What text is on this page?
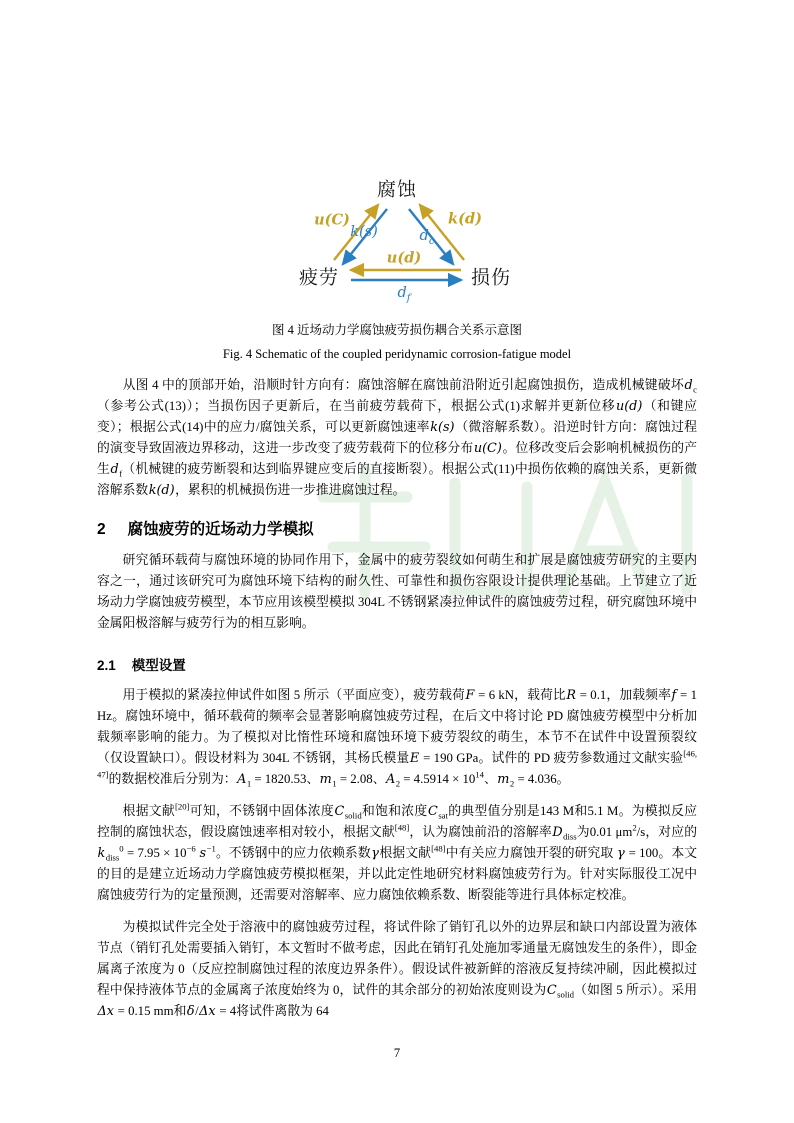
腐蚀
疲劳	损伤
u(C)
k(s)
k(d)
$d_c$
u(d)
$d_f$
图 4 近场动力学腐蚀疲劳损伤耦合关系示意图
Fig. 4 Schematic of the coupled peridynamic corrosion-fatigue model

从图 4 中的顶部开始，沿顺时针方向有：腐蚀溶解在腐蚀前沿附近引起腐蚀损伤，造成机械键破坏$d_c$（参考公式(13)）；当损伤因子更新后，在当前疲劳载荷下，根据公式(1)求解并更新位移u(d)（和键应变）；根据公式(14)中的应力/腐蚀关系，可以更新腐蚀速率k(s)（微溶解系数）。沿逆时针方向：腐蚀过程的演变导致固液边界移动，这进一步改变了疲劳载荷下的位移分布u(C)。位移改变后会影响机械损伤的产生$d_f$（机械键的疲劳断裂和达到临界键应变后的直接断裂）。根据公式(11)中损伤依赖的腐蚀关系，更新微溶解系数k(d)，累积的机械损伤进一步推进腐蚀过程。

2 腐蚀疲劳的近场动力学模拟

研究循环载荷与腐蚀环境的协同作用下，金属中的疲劳裂纹如何萌生和扩展是腐蚀疲劳研究的主要内容之一，通过该研究可为腐蚀环境下结构的耐久性、可靠性和损伤容限设计提供理论基础。上节建立了近场动力学腐蚀疲劳模型，本节应用该模型模拟 304L 不锈钢紧凑拉伸试件的腐蚀疲劳过程，研究腐蚀环境中金属阳极溶解与疲劳行为的相互影响。

2.1 模型设置

用于模拟的紧凑拉伸试件如图 5 所示（平面应变），疲劳载荷F = 6 kN，载荷比R = 0.1，加载频率f = 1 Hz。腐蚀环境中，循环载荷的频率会显著影响腐蚀疲劳过程，在后文中将讨论 PD 腐蚀疲劳模型中分析加载频率影响的能力。为了模拟对比惰性环境和腐蚀环境下疲劳裂纹的萌生，本节不在试件中设置预裂纹（仅设置缺口）。假设材料为 304L 不锈钢，其杨氏模量E = 190 GPa。试件的 PD 疲劳参数通过文献实验[46, 47]的数据校准后分别为：$A_1 = 1820.53$、$m_1 = 2.08$、$A_2 = 4.5914 \times 10^{14}$、$m_2 = 4.036$。

根据文献[20]可知，不锈钢中固体浓度$C_{solid}$和饱和浓度$C_{sat}$的典型值分别是143 M和5.1 M。为模拟反应控制的腐蚀状态，假设腐蚀速率相对较小，根据文献[48]，认为腐蚀前沿的溶解率$D_{diss}$为0.01 $\mu m^2/s$，对应的$k_{diss}^0 = 7.95 \times 10^{-6}$ $s^{-1}$。不锈钢中的应力依赖系数γ根据文献[48]中有关应力腐蚀开裂的研究取 γ = 100。本文的目的是建立近场动力学腐蚀疲劳模拟框架，并以此定性地研究材料腐蚀疲劳行为。针对实际服役工况中腐蚀疲劳行为的定量预测，还需要对溶解率、应力腐蚀依赖系数、断裂能等进行具体标定校准。

为模拟试件完全处于溶液中的腐蚀疲劳过程，将试件除了销钉孔以外的边界层和缺口内部设置为液体节点（销钉孔处需要插入销钉，本文暂时不做考虑，因此在销钉孔处施加零通量无腐蚀发生的条件），即金属离子浓度为 0（反应控制腐蚀过程的浓度边界条件）。假设试件被新鲜的溶液反复持续冲刷，因此模拟过程中保持液体节点的金属离子浓度始终为 0，试件的其余部分的初始浓度则设为$C_{solid}$（如图 5 所示）。采用Δx = 0.15 mm和δ/Δx = 4将试件离散为 64

7
